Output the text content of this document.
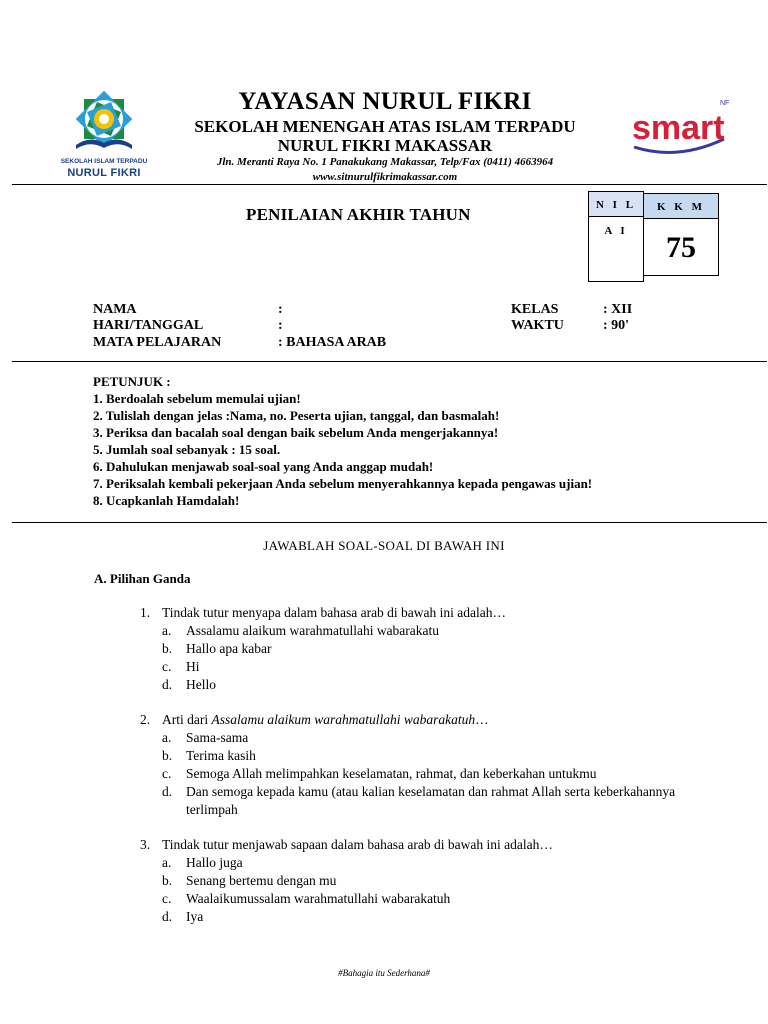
SEKOLAH ISLAM TERPADU
NURUL FIKRI
YAYASAN NURUL FIKRI
SEKOLAH MENENGAH ATAS ISLAM TERPADU
NURUL FIKRI MAKASSAR
Jln. Meranti Raya No. 1 Panakukang Makassar, Telp/Fax (0411) 4663964
www.sitnurulfikrimakassar.com
smart
NF
PENILAIAN AKHIR TAHUN	N I L A I
K K M
75
NAMA	:
HARI/TANGGAL	:
MATA PELAJARAN	: BAHASA ARAB
KELAS	: XII
WAKTU	: 90'
PETUNJUK :
1. Berdoalah sebelum memulai ujian!
2. Tulislah dengan jelas :Nama, no. Peserta ujian, tanggal, dan basmalah!
3. Periksa dan bacalah soal dengan baik sebelum Anda mengerjakannya!
5. Jumlah soal sebanyak : 15 soal.
6. Dahulukan menjawab soal-soal yang Anda anggap mudah!
7. Periksalah kembali pekerjaan Anda sebelum menyerahkannya kepada pengawas ujian!
8. Ucapkanlah Hamdalah!
JAWABLAH SOAL-SOAL DI BAWAH INI
A. Pilihan Ganda
1. Tindak tutur menyapa dalam bahasa arab di bawah ini adalah…
a.	Assalamu alaikum warahmatullahi wabarakatu
b.	Hallo apa kabar
c.	Hi
d.	Hello
2. Arti dari Assalamu alaikum warahmatullahi wabarakatuh…
a.	Sama-sama
b.	Terima kasih
c.	Semoga Allah melimpahkan keselamatan, rahmat, dan keberkahan untukmu
d.	Dan semoga kepada kamu (atau kalian keselamatan dan rahmat Allah serta keberkahannya terlimpah
3. Tindak tutur menjawab sapaan dalam bahasa arab di bawah ini adalah…
a.	Hallo juga
b.	Senang bertemu dengan mu
c.	Waalaikumussalam warahmatullahi wabarakatuh
d.	Iya
#Bahagia itu Sederhana#
